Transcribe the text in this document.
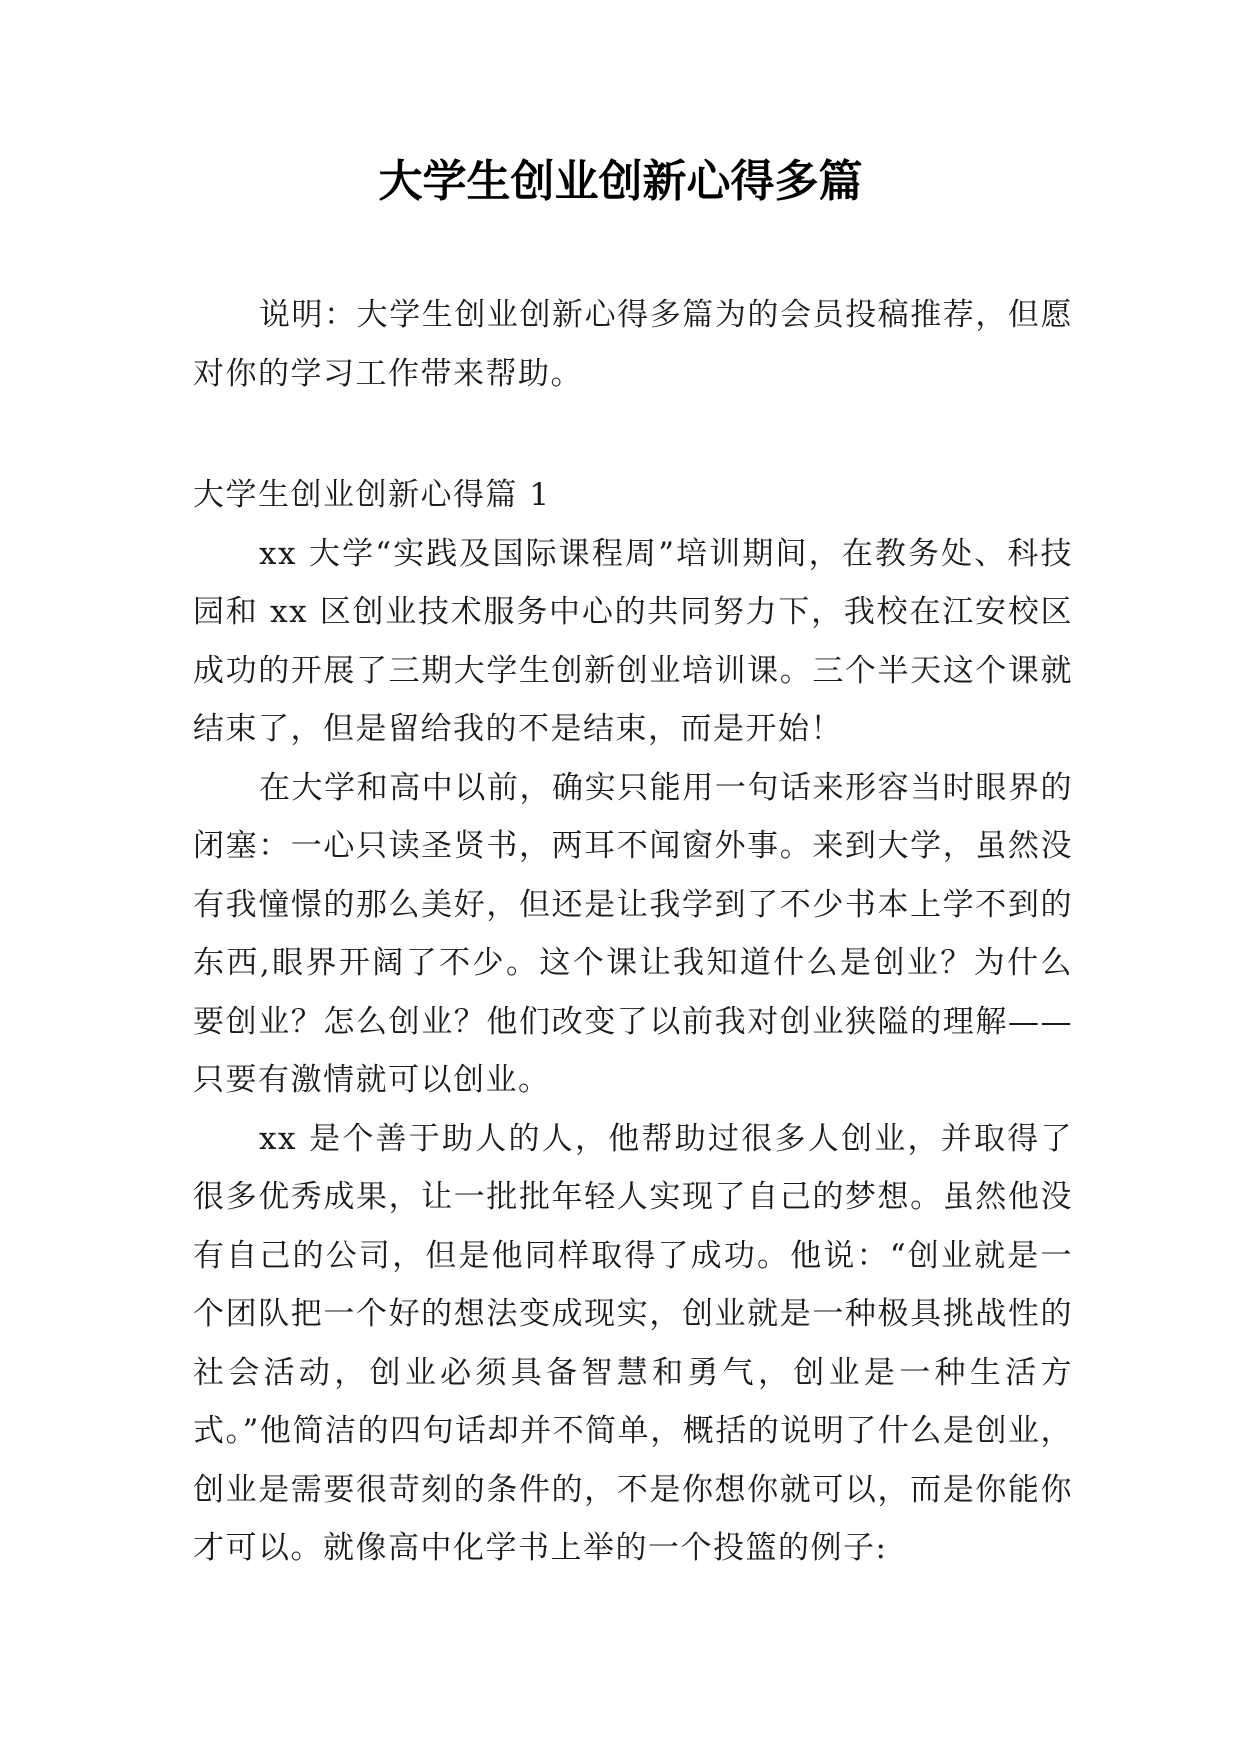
大学生创业创新心得多篇

说明：大学生创业创新心得多篇为的会员投稿推荐，但愿对你的学习工作带来帮助。

大学生创业创新心得篇 1

xx 大学“实践及国际课程周”培训期间，在教务处、科技园和 xx 区创业技术服务中心的共同努力下，我校在江安校区成功的开展了三期大学生创新创业培训课。三个半天这个课就结束了，但是留给我的不是结束，而是开始！

在大学和高中以前，确实只能用一句话来形容当时眼界的闭塞：一心只读圣贤书，两耳不闻窗外事。来到大学，虽然没有我憧憬的那么美好，但还是让我学到了不少书本上学不到的东西,眼界开阔了不少。这个课让我知道什么是创业？为什么要创业？怎么创业？他们改变了以前我对创业狭隘的理解——只要有激情就可以创业。

xx 是个善于助人的人，他帮助过很多人创业，并取得了很多优秀成果，让一批批年轻人实现了自己的梦想。虽然他没有自己的公司，但是他同样取得了成功。他说：“创业就是一个团队把一个好的想法变成现实，创业就是一种极具挑战性的社会活动，创业必须具备智慧和勇气，创业是一种生活方式。”他简洁的四句话却并不简单，概括的说明了什么是创业，创业是需要很苛刻的条件的，不是你想你就可以，而是你能你才可以。就像高中化学书上举的一个投篮的例子:
